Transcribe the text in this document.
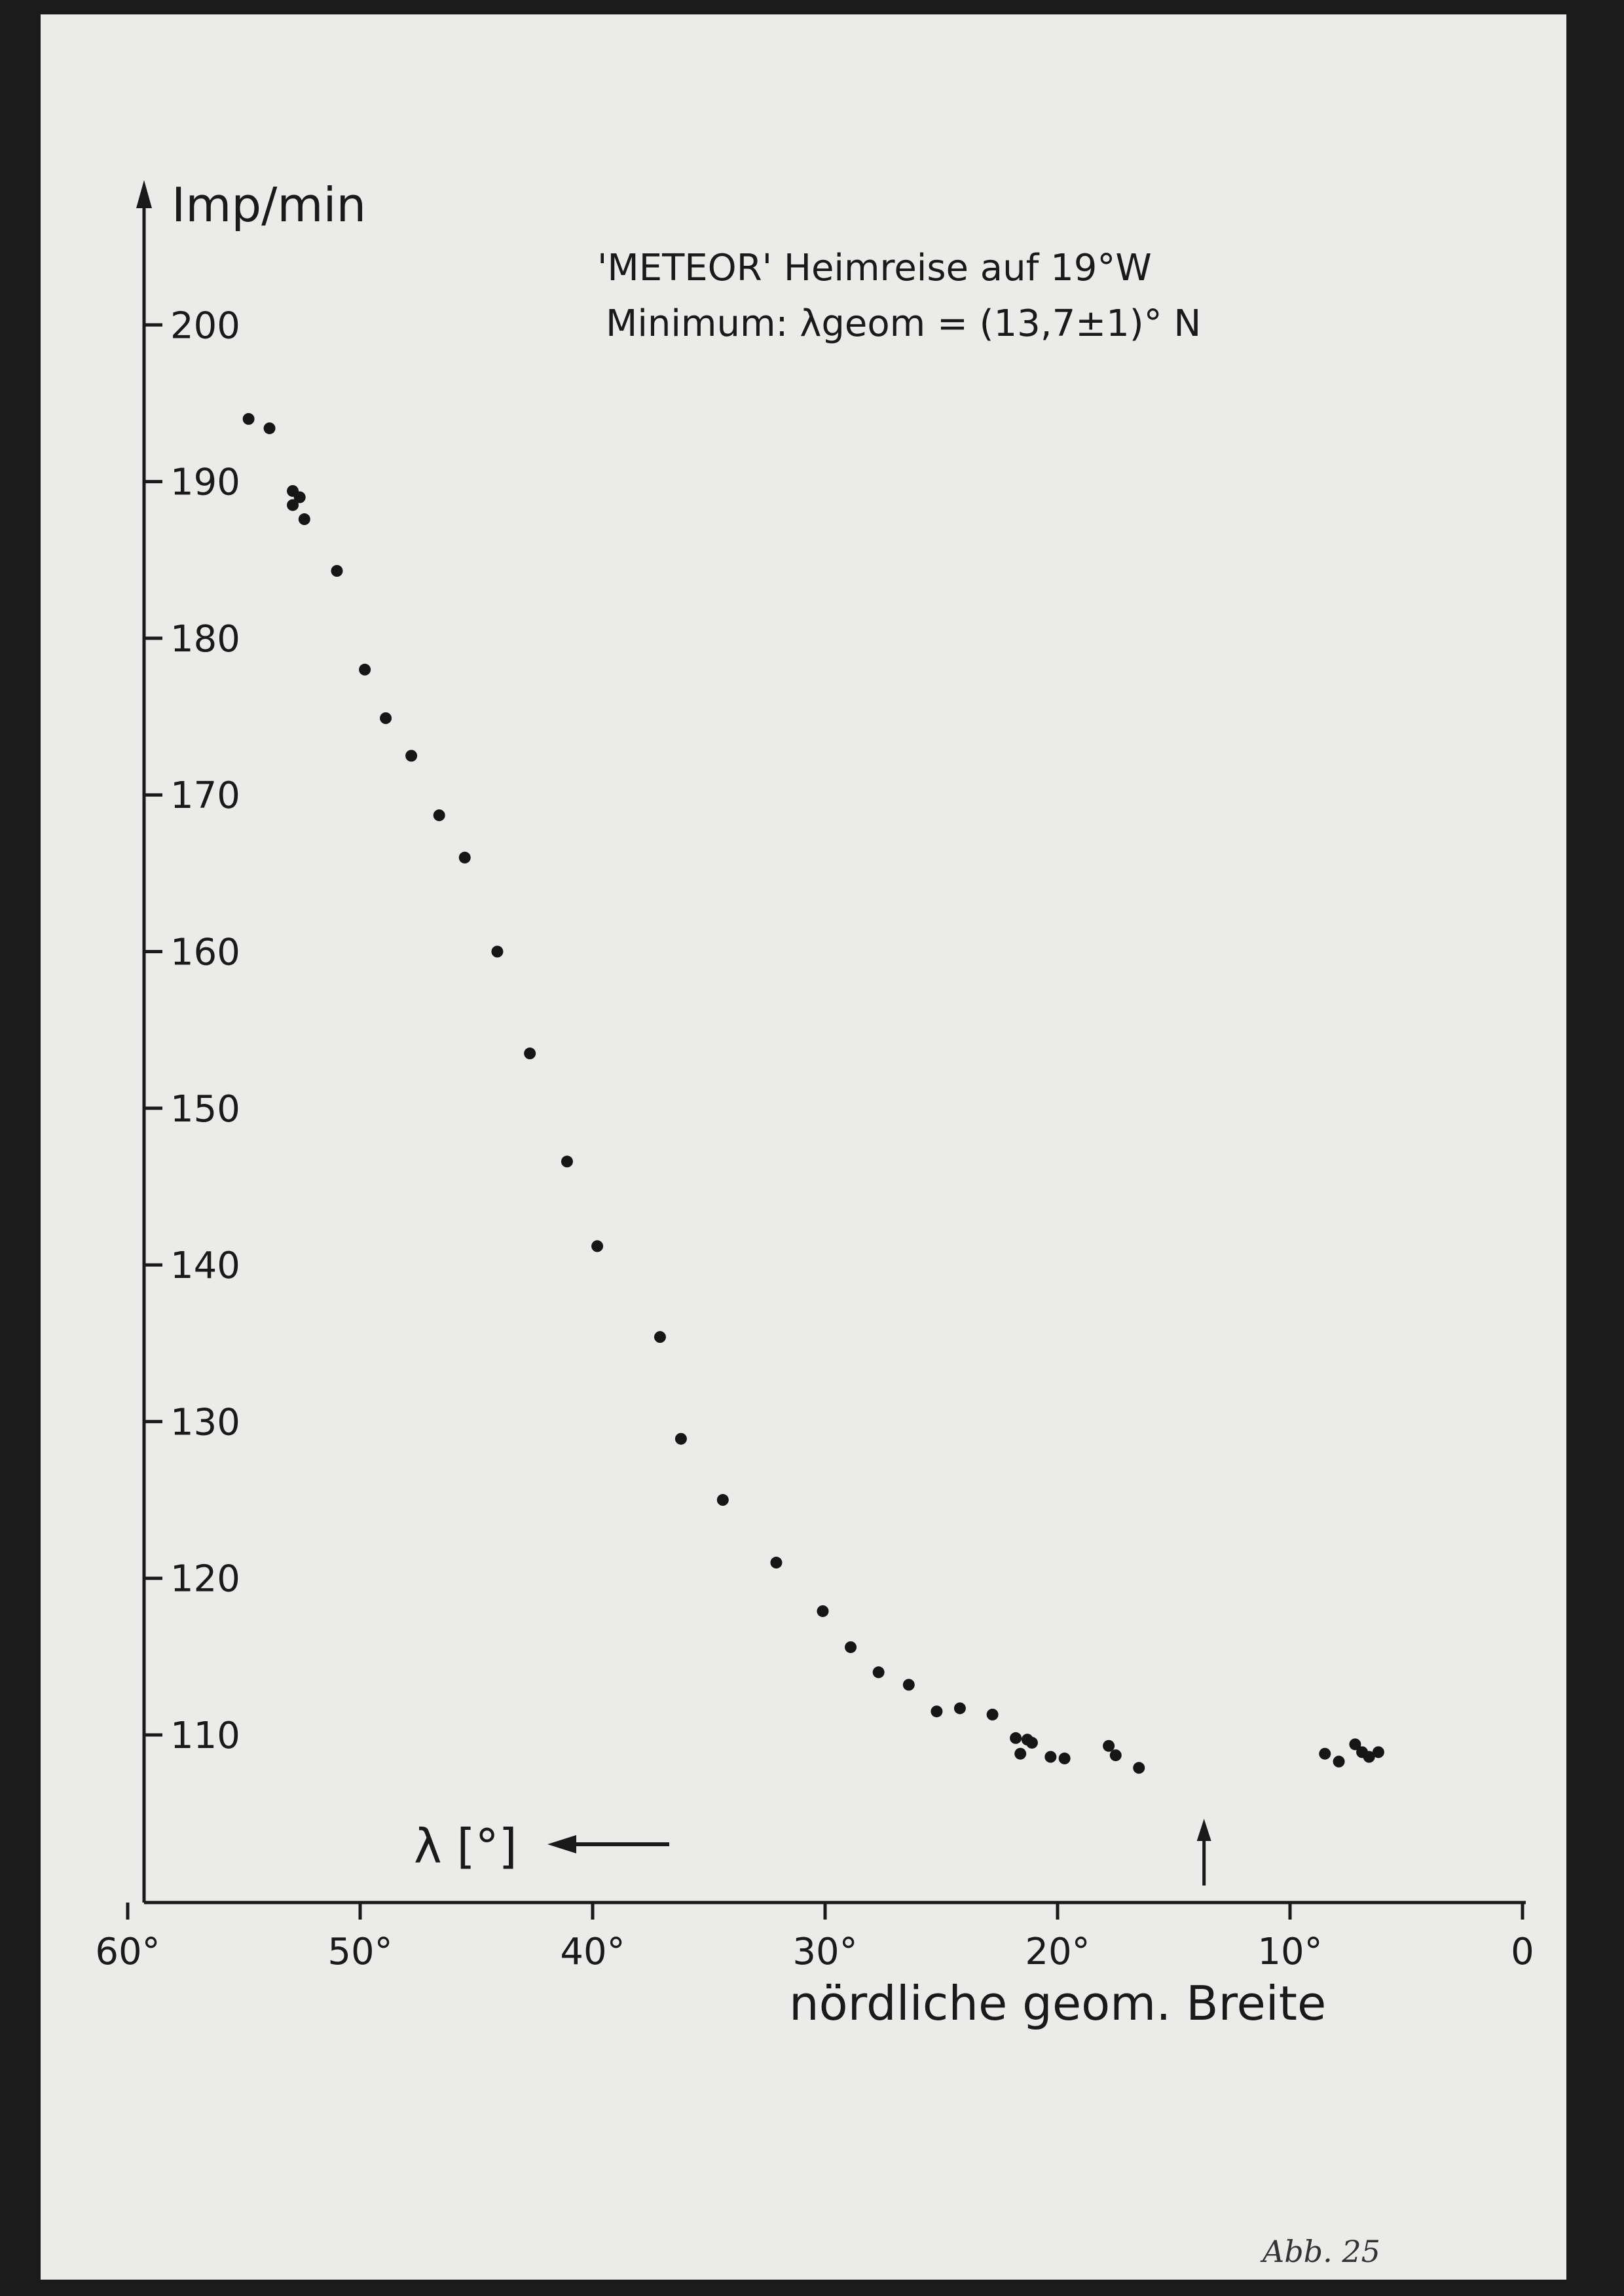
110
120
130
140
150
160
170
180
190
200
60°	50°	40°	30°	20°	10°	0
Imp/min
'METEOR' Heimreise auf 19°W
Minimum: λgeom = (13,7±1)° N
nördliche geom. Breite
λ [°]
Abb. 25
